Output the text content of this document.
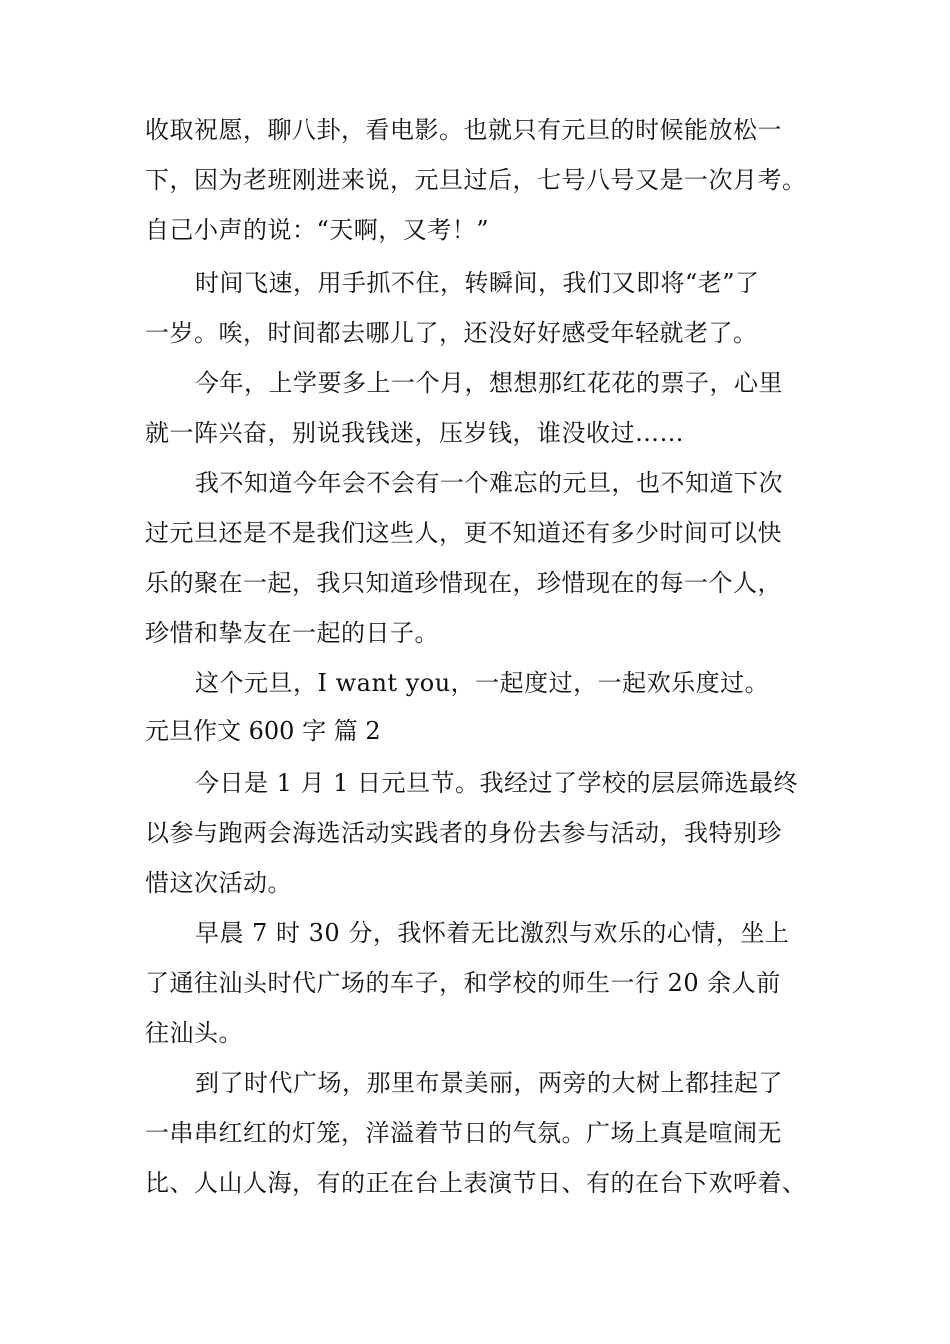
收取祝愿，聊八卦，看电影。也就只有元旦的时候能放松一
下，因为老班刚进来说，元旦过后，七号八号又是一次月考。
自己小声的说：“天啊，又考！”
时间飞速，用手抓不住，转瞬间，我们又即将“老”了
一岁。唉，时间都去哪儿了，还没好好感受年轻就老了。
今年，上学要多上一个月，想想那红花花的票子，心里
就一阵兴奋，别说我钱迷，压岁钱，谁没收过……
我不知道今年会不会有一个难忘的元旦，也不知道下次
过元旦还是不是我们这些人，更不知道还有多少时间可以快
乐的聚在一起，我只知道珍惜现在，珍惜现在的每一个人，
珍惜和挚友在一起的日子。
这个元旦，I want you，一起度过，一起欢乐度过。
元旦作文 600 字 篇 2
今日是 1 月 1 日元旦节。我经过了学校的层层筛选最终
以参与跑两会海选活动实践者的身份去参与活动，我特别珍
惜这次活动。
早晨 7 时 30 分，我怀着无比激烈与欢乐的心情，坐上
了通往汕头时代广场的车子，和学校的师生一行 20 余人前
往汕头。
到了时代广场，那里布景美丽，两旁的大树上都挂起了
一串串红红的灯笼，洋溢着节日的气氛。广场上真是喧闹无
比、人山人海，有的正在台上表演节日、有的在台下欢呼着、
